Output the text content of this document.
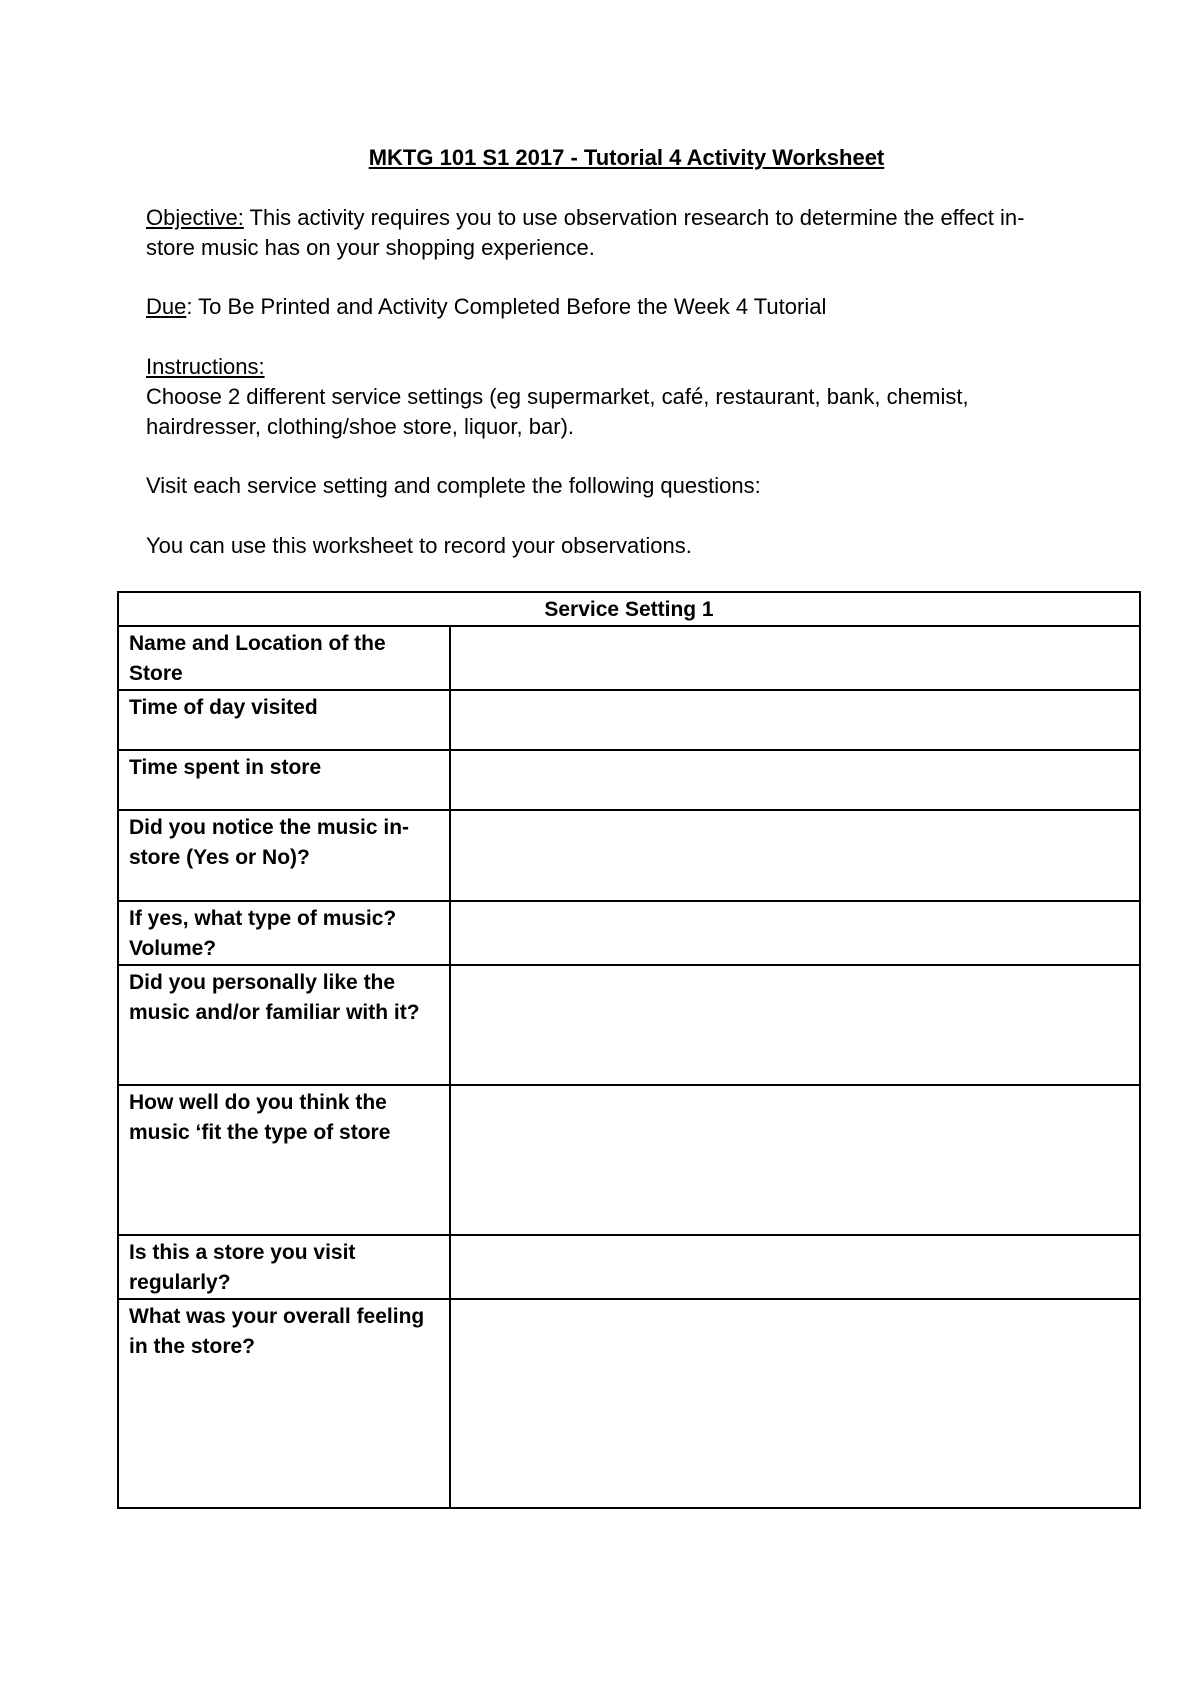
MKTG 101 S1 2017 - Tutorial 4 Activity Worksheet
Objective: This activity requires you to use observation research to determine the effect in-store music has on your shopping experience.
Due: To Be Printed and Activity Completed Before the Week 4 Tutorial
Instructions:
Choose 2 different service settings (eg supermarket, café, restaurant, bank, chemist, hairdresser, clothing/shoe store, liquor, bar).
Visit each service setting and complete the following questions:
You can use this worksheet to record your observations.
Service Setting 1	
Name and Location of the Store	
Time of day visited	
Time spent in store	
Did you notice the music in-store (Yes or No)?	
If yes, what type of music? Volume?	
Did you personally like the music and/or familiar with it?	
How well do you think the music ‘fit the type of store	
Is this a store you visit regularly?	
What was your overall feeling in the store?	
